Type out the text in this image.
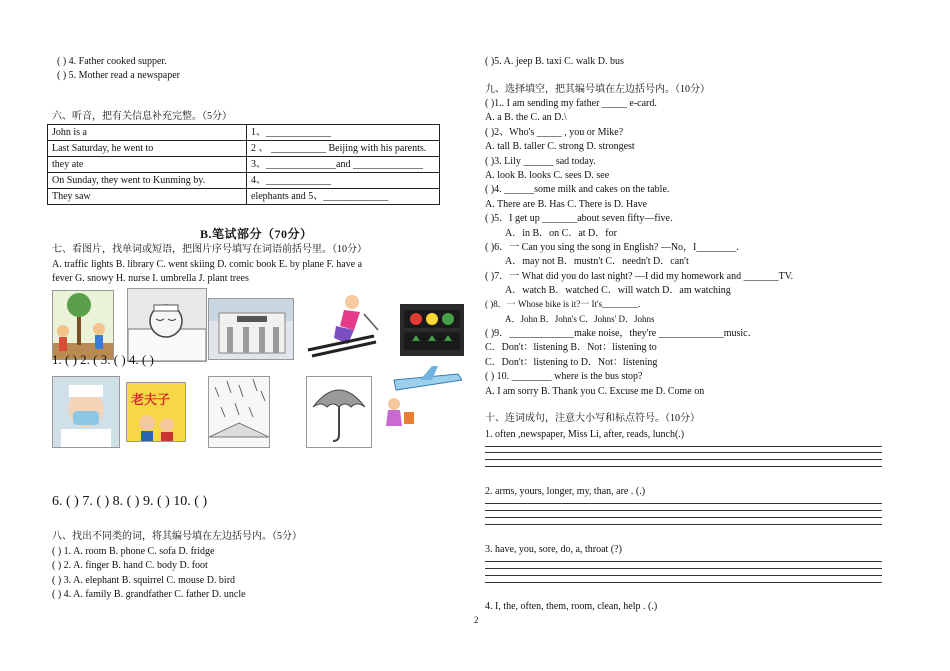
( ) 4. Father cooked supper.
( ) 5. Mother read a newspaper
六、听音，把有关信息补充完整。（5分）
John is a	1、_____________
Last Saturday, he went to	2 、 ___________ Beijing with his parents.
they ate	3、______________and ______________
On Sunday, they went to Kunming by.	4、_____________
They saw	elephants and 5、_____________
B.笔试部分（70分）
七、看图片，找单词或短语，把图片序号填写在词语前括号里。（10分）
A. traffic lights B. library C. went skiing D. comic book E. by plane F. have a
fever G. snowy H. nurse I. umbrella J. plant trees
1. ( ) 2. ( 3. ( ) 4. ( )
老夫子
6. ( ) 7. ( ) 8. ( ) 9. ( ) 10. ( )
八、找出不同类的词，将其编号填在左边括号内。（5分）
( ) 1. A. room B. phone C. sofa D. fridge
( ) 2. A. finger B. hand C. body D. foot
( ) 3. A. elephant B. squirrel C. mouse D. bird
( ) 4. A. family B. grandfather C. father D. uncle
( )5. A. jeep B. taxi C. walk D. bus
九、选择填空，把其编号填在左边括号内。（10分）
( )1.. I am sending my father _____ e-card.
A. a B. the C. an D.\
( )2、Who's _____ , you or Mike?
A. tall B. taller C. strong D. strongest
( )3. Lily ______ sad today.
A. look B. looks C. sees D. see
( )4. ______some milk and cakes on the table.
A. There are B. Has C. There is D. Have
( )5．I get up _______about seven fifty—five．
A．in B．on C．at D．for
( )6．一 Can you sing the song in English? —No，I________.
A．may not B．mustn't C．needn't D．can't
( )7．一 What did you do last night? —I did my homework and _______TV.
A．watch B．watched C．will watch D．am watching
( )8．一 Whose bike is it?一 It's________.
A．John B．John's C．Johns' D．Johns
( )9．_____________make noise，they're _____________music．
C．Don't：listening B．Not：listening to
C．Don't：listening to D．Not：listening
( ) 10. ________ where is the bus stop?
A. I am sorry B. Thank you C. Excuse me D. Come on
十、连词成句，注意大小写和标点符号。（10分）
1. often ,newspaper, Miss Li, after, reads, lunch(.)
2. arms, yours, longer, my, than, are . (.)
3. have, you, sore, do, a, throat (?)
4. I, the, often, them, room, clean, help . (.)
2
